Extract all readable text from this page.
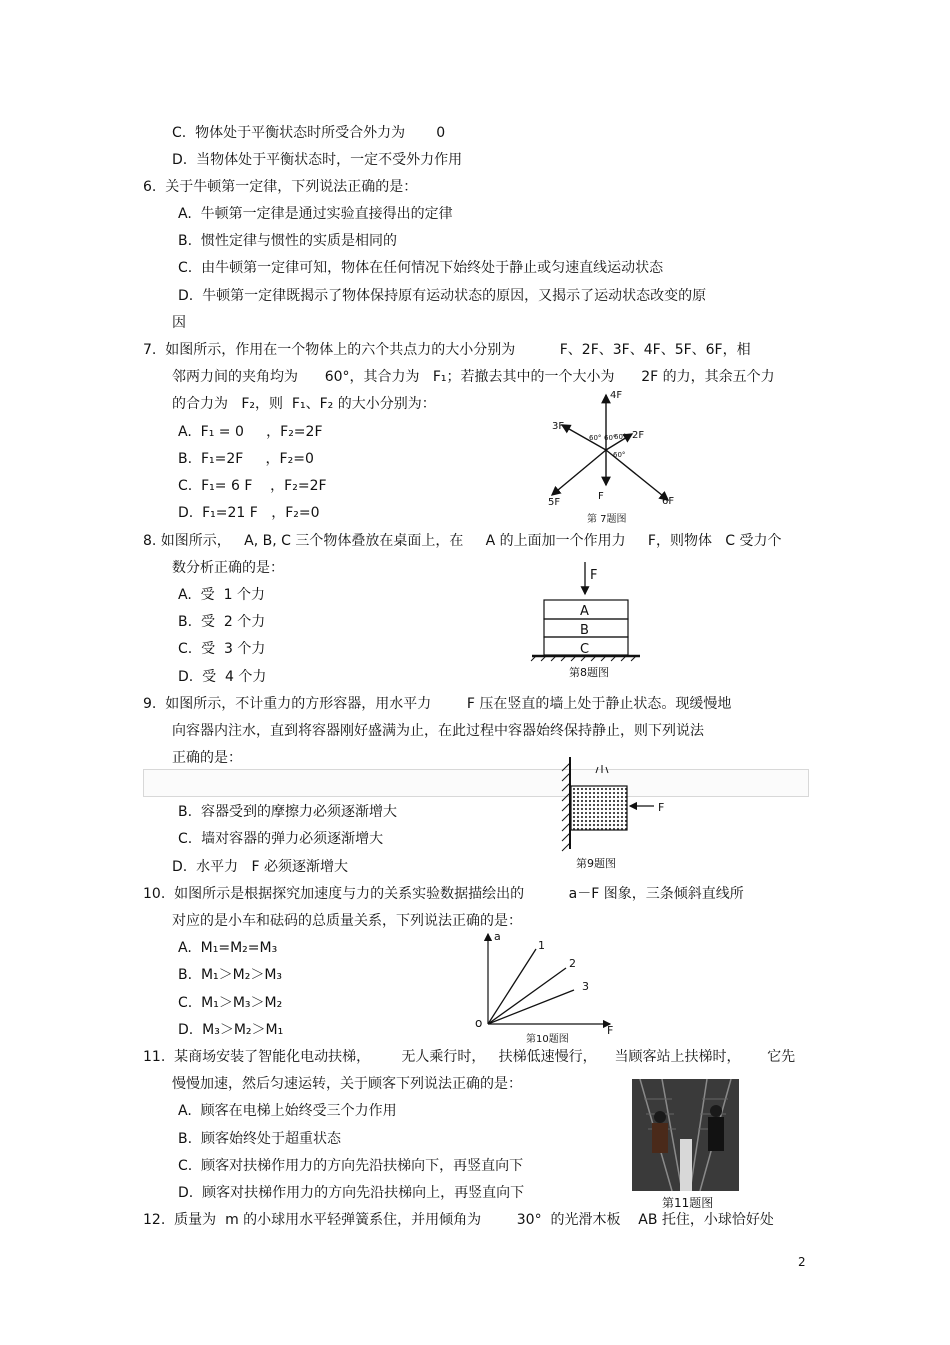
C.  物体处于平衡状态时所受合外力为       0
D.  当物体处于平衡状态时，一定不受外力作用
6.  关于牛顿第一定律，下列说法正确的是：
A.  牛顿第一定律是通过实验直接得出的定律
B.  惯性定律与惯性的实质是相同的
C.  由牛顿第一定律可知，物体在任何情况下始终处于静止或匀速直线运动状态
D.  牛顿第一定律既揭示了物体保持原有运动状态的原因，又揭示了运动状态改变的原
因
7.  如图所示，作用在一个物体上的六个共点力的大小分别为          F、2F、3F、4F、5F、6F，相
邻两力间的夹角均为      60°，其合力为   F₁；若撤去其中的一个大小为      2F 的力，其余五个力
的合力为   F₂，则  F₁、F₂ 的大小分别为：
A.  F₁ = 0     ，F₂=2F
B.  F₁=2F     ，F₂=0
C.  F₁= 6 F    ，F₂=2F
D.  F₁=21 F   ，F₂=0
8. 如图所示，   A, B, C 三个物体叠放在桌面上，在     A 的上面加一个作用力     F，则物体   C 受力个
数分析正确的是：
A.  受  1 个力
B.  受  2 个力
C.  受  3 个力
D.  受  4 个力
9.  如图所示，不计重力的方形容器，用水平力        F 压在竖直的墙上处于静止状态。现缓慢地
向容器内注水，直到将容器刚好盛满为止，在此过程中容器始终保持静止，则下列说法
正确的是：
B.  容器受到的摩擦力必须逐渐增大
C.  墙对容器的弹力必须逐渐增大
D.  水平力   F 必须逐渐增大
10.  如图所示是根据探究加速度与力的关系实验数据描绘出的          a－F 图象，三条倾斜直线所
对应的是小车和砝码的总质量关系，下列说法正确的是：
A.  M₁=M₂=M₃
B.  M₁＞M₂＞M₃
C.  M₁＞M₃＞M₂
D.  M₃＞M₂＞M₁
11.  某商场安装了智能化电动扶梯，       无人乘行时，   扶梯低速慢行，    当顾客站上扶梯时，      它先
慢慢加速，然后匀速运转，关于顾客下列说法正确的是：
A.  顾客在电梯上始终受三个力作用
B.  顾客始终处于超重状态
C.  顾客对扶梯作用力的方向先沿扶梯向下，再竖直向下
D.  顾客对扶梯作用力的方向先沿扶梯向上，再竖直向下
12.  质量为  m 的小球用水平轻弹簧系住，并用倾角为        30°  的光滑木板    AB 托住，小球恰好处
4F
3F
2F
5F
F	6F
60° 60°
60°
60°
第 7题图
F
A
B
C
第8题图
F
第9题图
a
F
o
1
2
3
第10题图
第11题图
2
